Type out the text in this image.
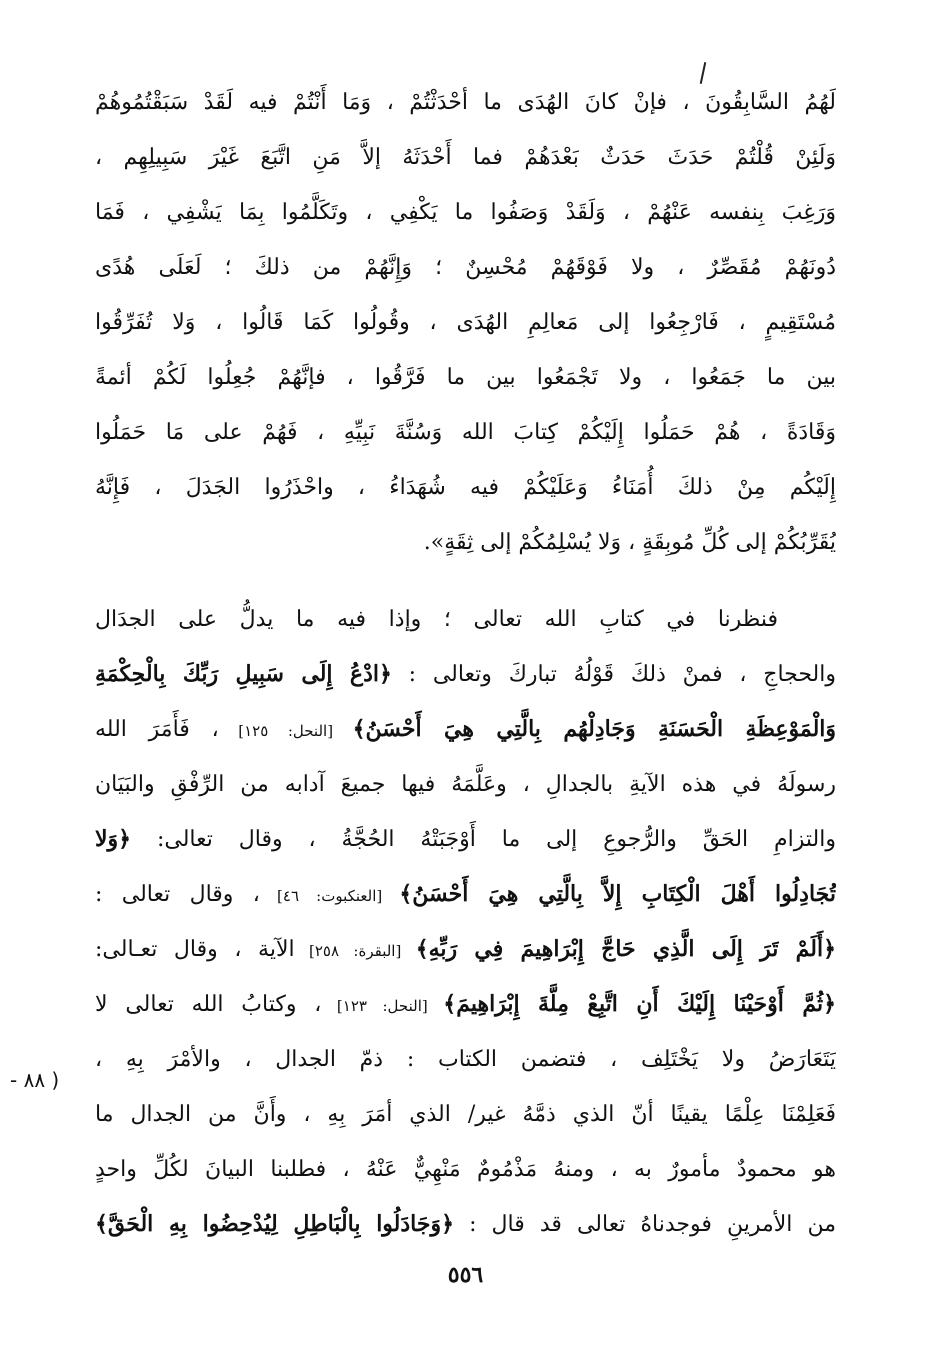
لَهُمُ السَّابِقُونَ ، فإنْ كانَ الهُدَى ما أحْدَثْتُمْ ، وَمَا أَنْتُمْ فيه لَقَدْ سَبَقْتُمُوهُمْ
وَلَئِنْ قُلْتُمْ حَدَثَ حَدَثٌ بَعْدَهُمْ فما أَحْدَثَهُ إلاَّ مَنِ اتَّبَعَ غَيْرَ سَبِيلِهِم ،
وَرَغِبَ بِنفسه عَنْهُمْ ، وَلَقَدْ وَصَفُوا ما يَكْفِي ، وتَكَلَّمُوا بِمَا يَشْفِي ، فَمَا
دُونَهُمْ مُقَصِّرٌ ، ولا فَوْقَهُمْ مُحْسِنٌ ؛ وَإِنَّهُمْ من ذلكَ ؛ لَعَلَى هُدًى
مُسْتَقِيمٍ ، فَارْجِعُوا إلى مَعالِمِ الهُدَى ، وقُولُوا كَمَا قَالُوا ، وَلا تُفَرِّقُوا
بين ما جَمَعُوا ، ولا تَجْمَعُوا بين ما فَرَّقُوا ، فإنَّهُمْ جُعِلُوا لَكُمْ أئمةً
وَقَادَةً ، هُمْ حَمَلُوا إِلَيْكُمْ كِتابَ الله وَسُنَّةَ نَبِيِّهِ ، فَهُمْ على مَا حَمَلُوا
إِلَيْكُم مِنْ ذلكَ أُمَنَاءُ وَعَلَيْكُمْ فيه شُهَدَاءُ ، واحْذَرُوا الجَدَلَ ، فَإِنَّهُ
يُقَرِّبُكُمْ إلى كُلِّ مُوبِقَةٍ ، وَلا يُسْلِمُكُمْ إلى ثِقَةٍ».
فنظرنا في كتابِ الله تعالى ؛ وإذا فيه ما يدلُّ على الجدَال
والحجاجِ ، فمنْ ذلكَ قَوْلُهُ تباركَ وتعالى : ﴿ادْعُ إِلَى سَبِيلِ رَبِّكَ بِالْحِكْمَةِ
وَالْمَوْعِظَةِ الْحَسَنَةِ وَجَادِلْهُم بِالَّتِي هِيَ أَحْسَنُ﴾ [النحل: ١٢٥] ، فَأَمَرَ الله
رسولَهُ في هذه الآيةِ بالجدالِ ، وعَلَّمَهُ فيها جميعَ آدابه من الرِّفْقِ والبَيَان
والتزامِ الحَقِّ والرُّجوعِ إلى ما أَوْجَبَتْهُ الحُجَّةُ ، وقال تعالى: ﴿وَلا
تُجَادِلُوا أَهْلَ الْكِتَابِ إِلاَّ بِالَّتِي هِيَ أَحْسَنُ﴾ [العنكبوت: ٤٦] ، وقال تعالى :
﴿أَلَمْ تَرَ إِلَى الَّذِي حَاجَّ إِبْرَاهِيمَ فِي رَبِّهِ﴾ [البقرة: ٢٥٨] الآية ، وقال تعـالى:
﴿ثُمَّ أَوْحَيْنَا إِلَيْكَ أَنِ اتَّبِعْ مِلَّةَ إِبْرَاهِيمَ﴾ [النحل: ١٢٣] ، وكتابُ الله تعالى لا
يَتَعَارَضُ ولا يَخْتَلِف ، فتضمن الكتاب : ذمّ الجدال ، والأمْرَ بِهِ ،
فَعَلِمْنَا عِلْمًا يقينًا أنّ الذي ذمَّهُ غير/ الذي أمَرَ بِهِ ، وأَنَّ من الجدال ما
هو محمودٌ مأمورٌ به ، ومنهُ مَذْمُومٌ مَنْهِيٌّ عَنْهُ ، فطلبنا البيانَ لكُلِّ واحدٍ
من الأمرينِ فوجدناهُ تعالى قد قال : ﴿وَجَادَلُوا بِالْبَاطِلِ لِيُدْحِضُوا بِهِ الْحَقَّ﴾
( ٨٨ -
٥٥٦
